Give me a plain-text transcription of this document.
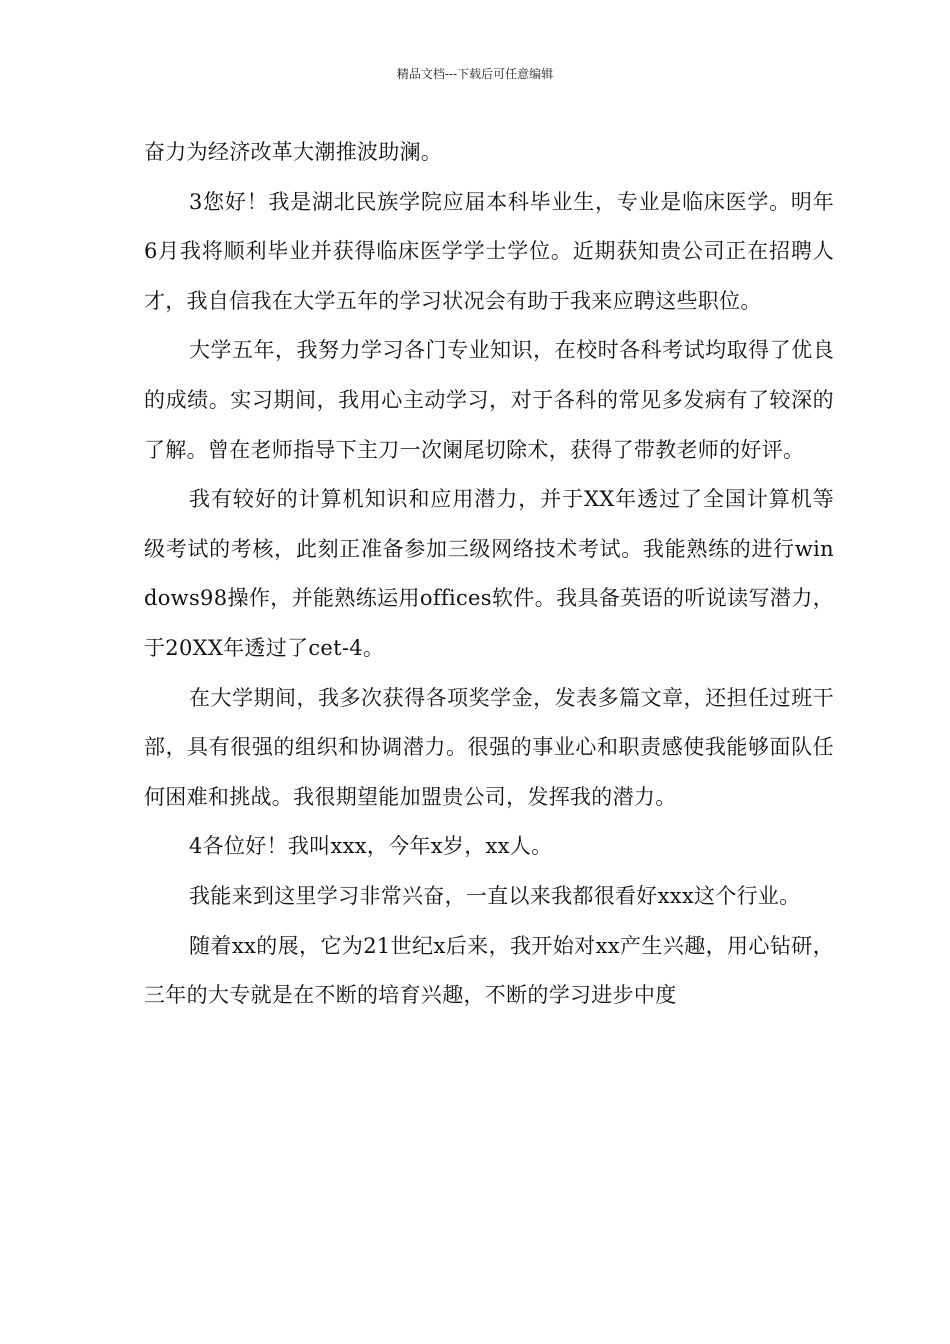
精品文档---下载后可任意编辑

奋力为经济改革大潮推波助澜。

3您好！我是湖北民族学院应届本科毕业生，专业是临床医学。明年6月我将顺利毕业并获得临床医学学士学位。近期获知贵公司正在招聘人才，我自信我在大学五年的学习状况会有助于我来应聘这些职位。

大学五年，我努力学习各门专业知识，在校时各科考试均取得了优良的成绩。实习期间，我用心主动学习，对于各科的常见多发病有了较深的了解。曾在老师指导下主刀一次阑尾切除术，获得了带教老师的好评。

我有较好的计算机知识和应用潜力，并于XX年透过了全国计算机等级考试的考核，此刻正准备参加三级网络技术考试。我能熟练的进行windows98操作，并能熟练运用offices软件。我具备英语的听说读写潜力，于20XX年透过了cet-4。

在大学期间，我多次获得各项奖学金，发表多篇文章，还担任过班干部，具有很强的组织和协调潜力。很强的事业心和职责感使我能够面队任何困难和挑战。我很期望能加盟贵公司，发挥我的潜力。

4各位好！我叫xxx，今年x岁，xx人。

我能来到这里学习非常兴奋，一直以来我都很看好xxx这个行业。

随着xx的展，它为21世纪x后来，我开始对xx产生兴趣，用心钻研，三年的大专就是在不断的培育兴趣，不断的学习进步中度
